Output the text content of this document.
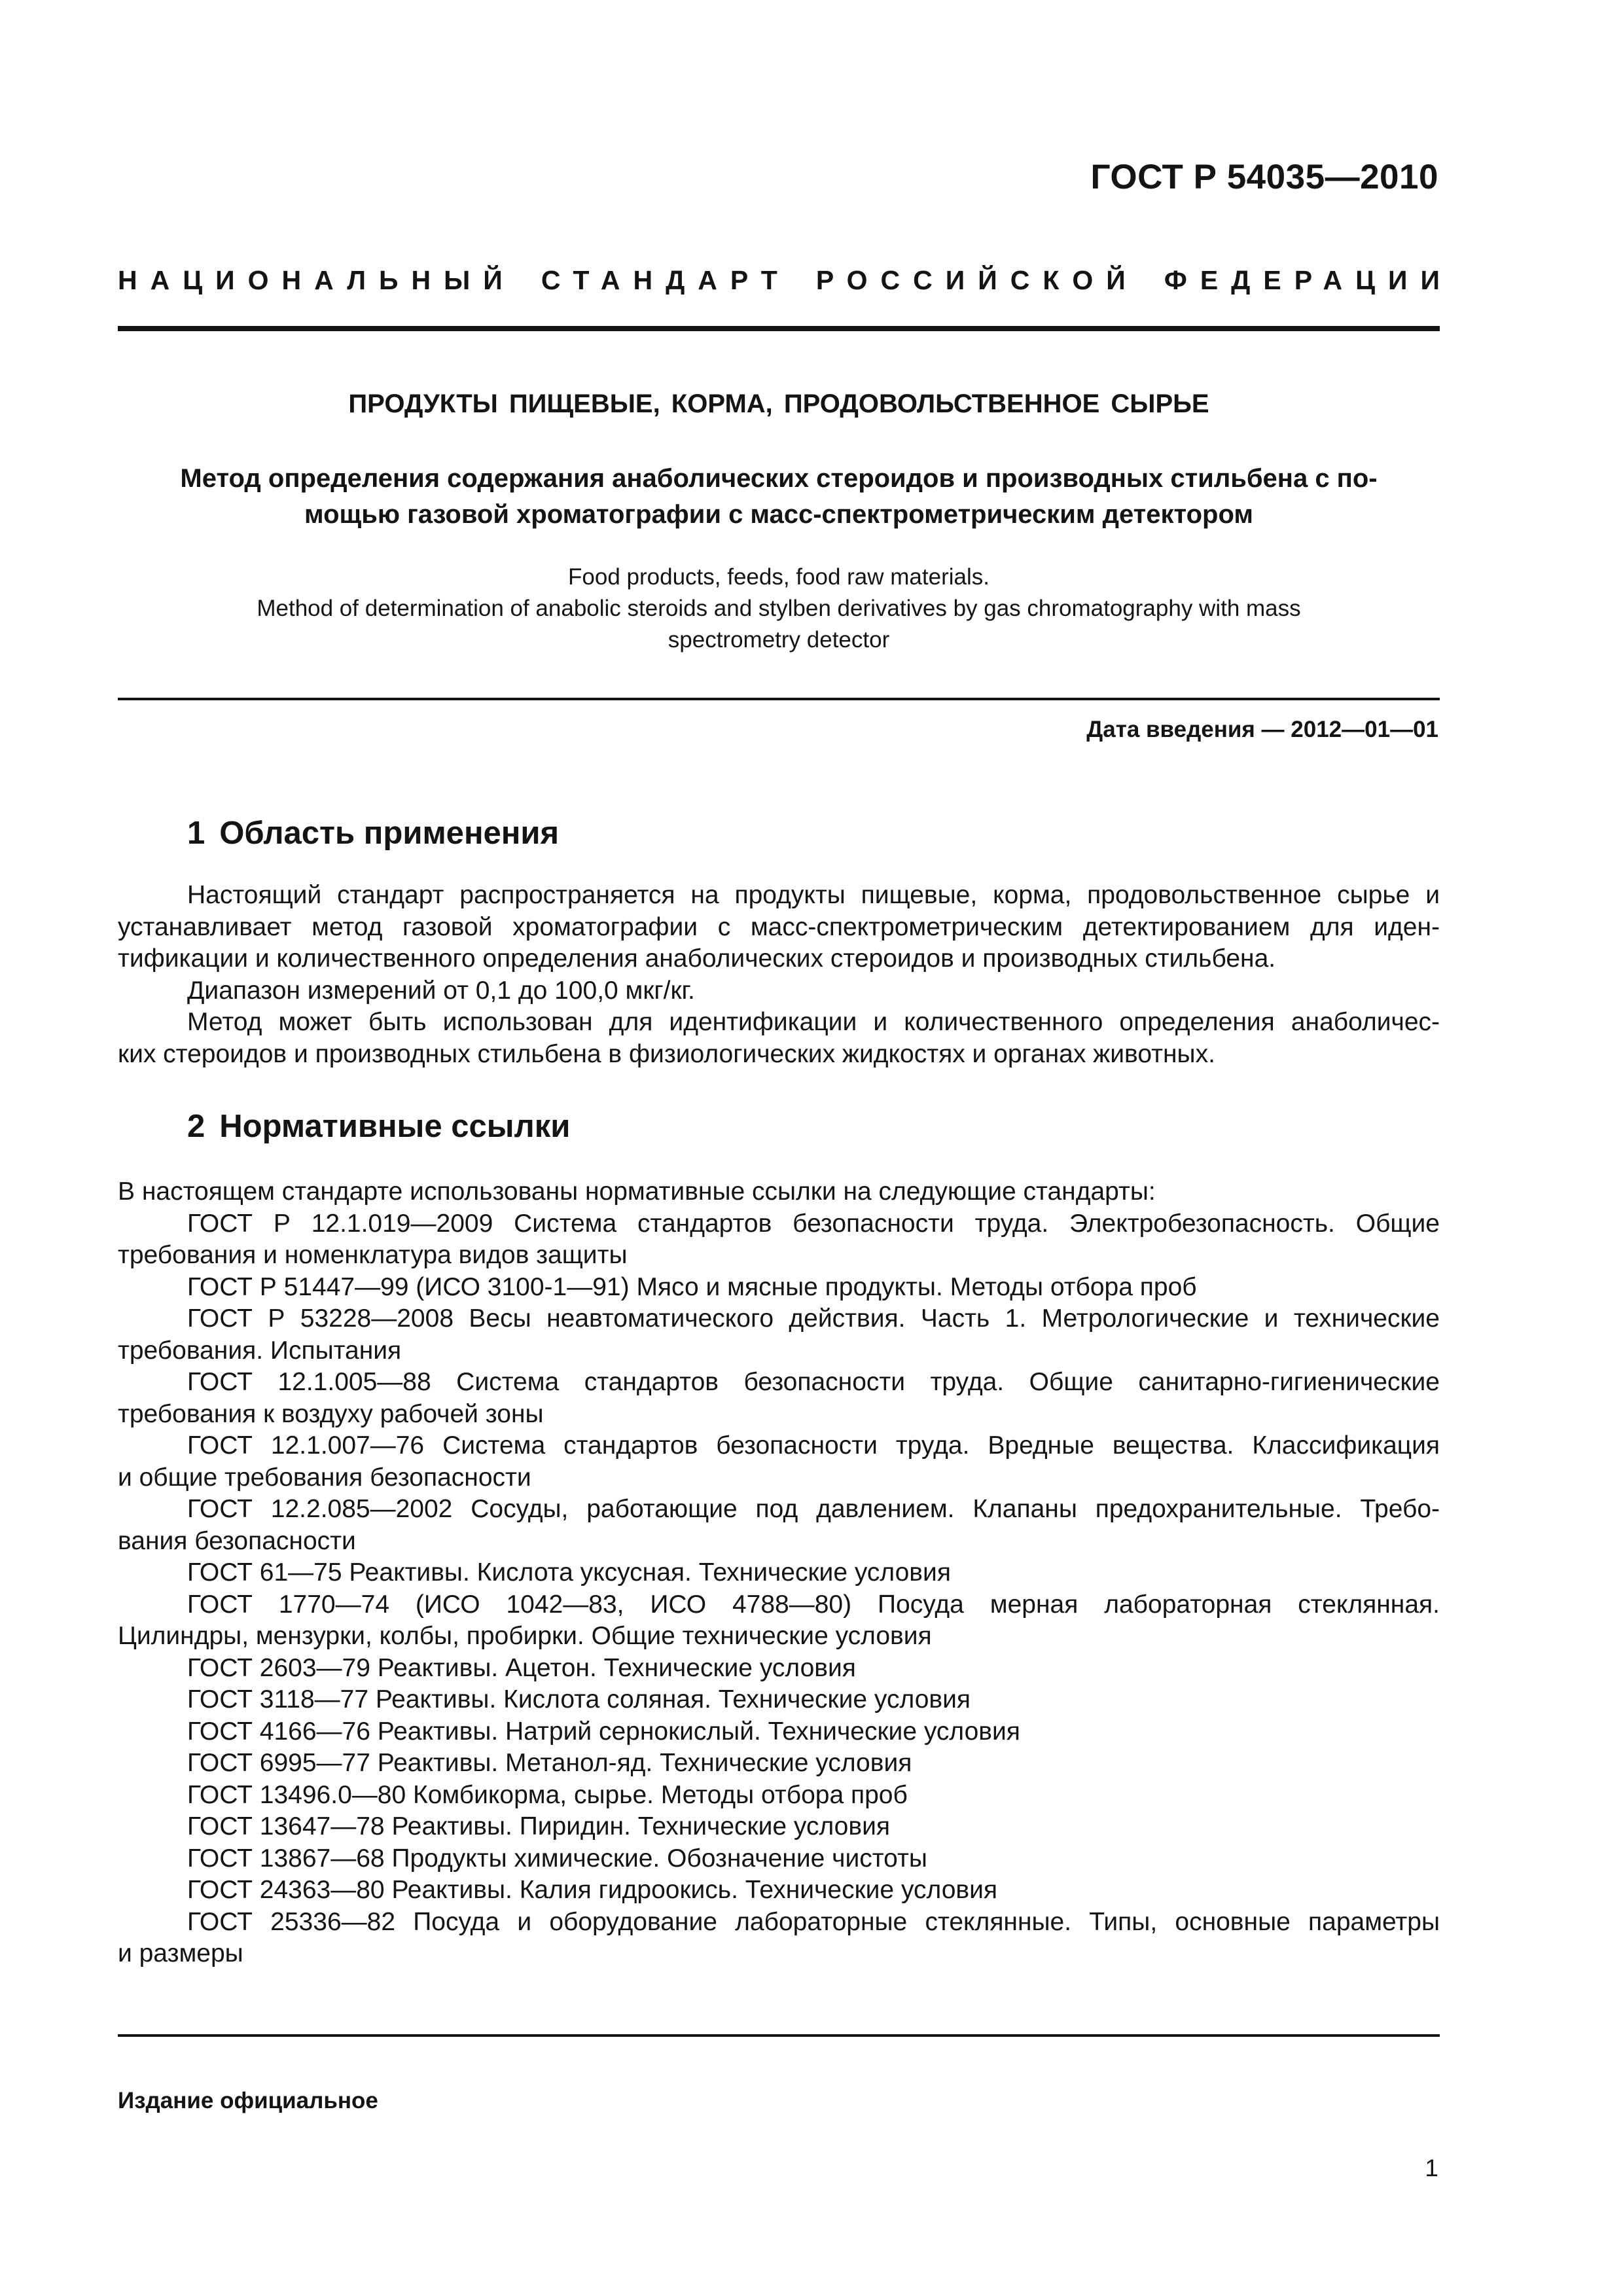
ГОСТ Р 54035—2010
НАЦИОНАЛЬНЫЙ СТАНДАРТ РОССИЙСКОЙ ФЕДЕРАЦИИ
ПРОДУКТЫ ПИЩЕВЫЕ, КОРМА, ПРОДОВОЛЬСТВЕННОЕ СЫРЬЕ
Метод определения содержания анаболических стероидов и производных стильбена с по-
мощью газовой хроматографии с масс-спектрометрическим детектором
Food products, feeds, food raw materials.
Method of determination of anabolic steroids and stylben derivatives by gas chromatography with mass
spectrometry detector
Дата введения — 2012—01—01
1 Область применения
Настоящий стандарт распространяется на продукты пищевые, корма, продовольственное сырье и
устанавливает метод газовой хроматографии с масс-спектрометрическим детектированием для иден-
тификации и количественного определения анаболических стероидов и производных стильбена.
Диапазон измерений от 0,1 до 100,0 мкг/кг.
Метод может быть использован для идентификации и количественного определения анаболичес-
ких стероидов и производных стильбена в физиологических жидкостях и органах животных.
2 Нормативные ссылки
В настоящем стандарте использованы нормативные ссылки на следующие стандарты:
ГОСТ Р 12.1.019—2009 Система стандартов безопасности труда. Электробезопасность. Общие
требования и номенклатура видов защиты
ГОСТ Р 51447—99 (ИСО 3100-1—91) Мясо и мясные продукты. Методы отбора проб
ГОСТ Р 53228—2008 Весы неавтоматического действия. Часть 1. Метрологические и технические
требования. Испытания
ГОСТ 12.1.005—88 Система стандартов безопасности труда. Общие санитарно-гигиенические
требования к воздуху рабочей зоны
ГОСТ 12.1.007—76 Система стандартов безопасности труда. Вредные вещества. Классификация
и общие требования безопасности
ГОСТ 12.2.085—2002 Сосуды, работающие под давлением. Клапаны предохранительные. Требо-
вания безопасности
ГОСТ 61—75 Реактивы. Кислота уксусная. Технические условия
ГОСТ 1770—74 (ИСО 1042—83, ИСО 4788—80) Посуда мерная лабораторная стеклянная.
Цилиндры, мензурки, колбы, пробирки. Общие технические условия
ГОСТ 2603—79 Реактивы. Ацетон. Технические условия
ГОСТ 3118—77 Реактивы. Кислота соляная. Технические условия
ГОСТ 4166—76 Реактивы. Натрий сернокислый. Технические условия
ГОСТ 6995—77 Реактивы. Метанол-яд. Технические условия
ГОСТ 13496.0—80 Комбикорма, сырье. Методы отбора проб
ГОСТ 13647—78 Реактивы. Пиридин. Технические условия
ГОСТ 13867—68 Продукты химические. Обозначение чистоты
ГОСТ 24363—80 Реактивы. Калия гидроокись. Технические условия
ГОСТ 25336—82 Посуда и оборудование лабораторные стеклянные. Типы, основные параметры
и размеры
Издание официальное
1
